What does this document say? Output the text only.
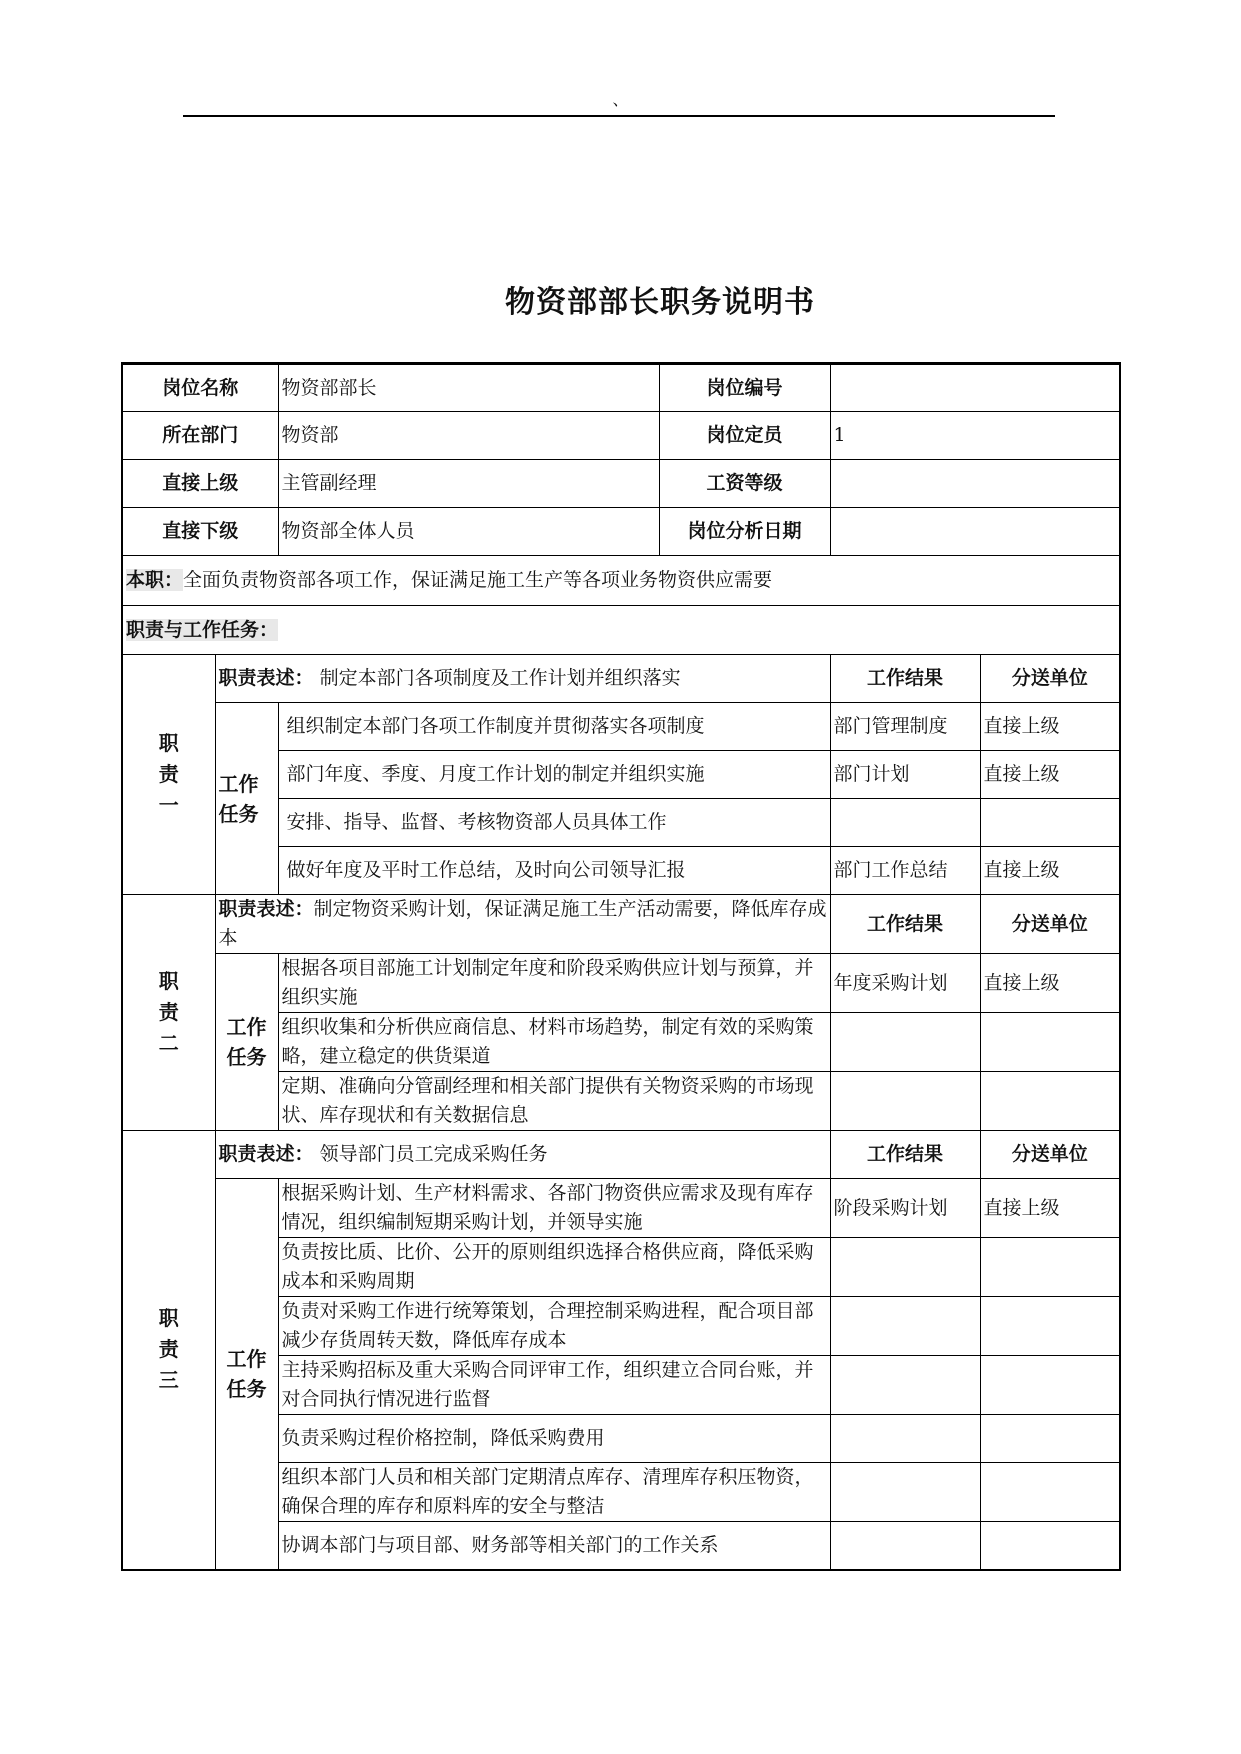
、
物资部部长职务说明书
岗位名称		物资部部长	岗位编号		
所在部门		物资部	岗位定员	1	
直接上级		主管副经理	工资等级		
直接下级		物资部全体人员	岗位分析日期		
本职：全面负责物资部各项工作，保证满足施工生产等各项业务物资供应需要					
职责与工作任务：					

职
责
一	职责表述： 制定本部门各项制度及工作计划并组织落实			工作结果	分送单位

	工作
任务	组织制定本部门各项工作制度并贯彻落实各项制度		部门管理制度	直接上级
		部门年度、季度、月度工作计划的制定并组织实施		部门计划	直接上级
		安排、指导、监督、考核物资部人员具体工作			
		做好年度及平时工作总结，及时向公司领导汇报		部门工作总结	直接上级

职
责
二	职责表述：制定物资采购计划，保证满足施工生产活动需要，降低库存成本			工作结果	分送单位

	工作
任务	根据各项目部施工计划制定年度和阶段采购供应计划与预算，并组织实施		年度采购计划	直接上级
		组织收集和分析供应商信息、材料市场趋势，制定有效的采购策略，建立稳定的供货渠道			
		定期、准确向分管副经理和相关部门提供有关物资采购的市场现状、库存现状和有关数据信息			

职
责
三	职责表述： 领导部门员工完成采购任务			工作结果	分送单位

	工作
任务	根据采购计划、生产材料需求、各部门物资供应需求及现有库存情况，组织编制短期采购计划，并领导实施		阶段采购计划	直接上级
		负责按比质、比价、公开的原则组织选择合格供应商，降低采购成本和采购周期			
		负责对采购工作进行统筹策划，合理控制采购进程，配合项目部减少存货周转天数，降低库存成本			
		主持采购招标及重大采购合同评审工作，组织建立合同台账，并对合同执行情况进行监督			
		负责采购过程价格控制，降低采购费用			
		组织本部门人员和相关部门定期清点库存、清理库存积压物资，确保合理的库存和原料库的安全与整洁			
		协调本部门与项目部、财务部等相关部门的工作关系			
